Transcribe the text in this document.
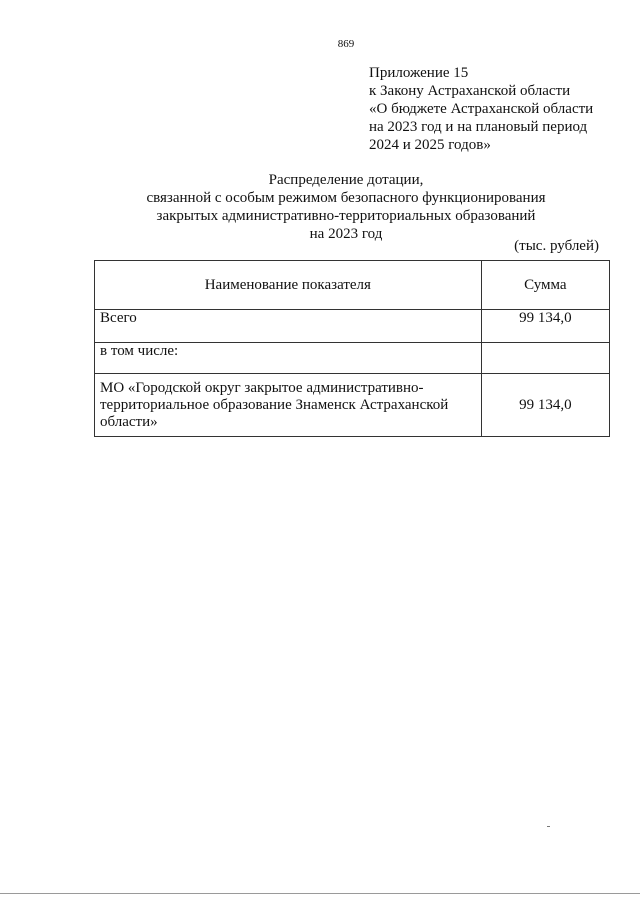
869
Приложение 15
к Закону Астраханской области
«О бюджете Астраханской области
на 2023 год и на плановый период
2024 и 2025 годов»
Распределение дотации,
связанной с особым режимом безопасного функционирования
закрытых административно-территориальных образований
на 2023 год
(тыс. рублей)
Наименование показателя	Сумма
Всего	99 134,0
в том числе:	
МО «Городской округ закрытое административно-территориальное образование Знаменск Астраханской области»	99 134,0
